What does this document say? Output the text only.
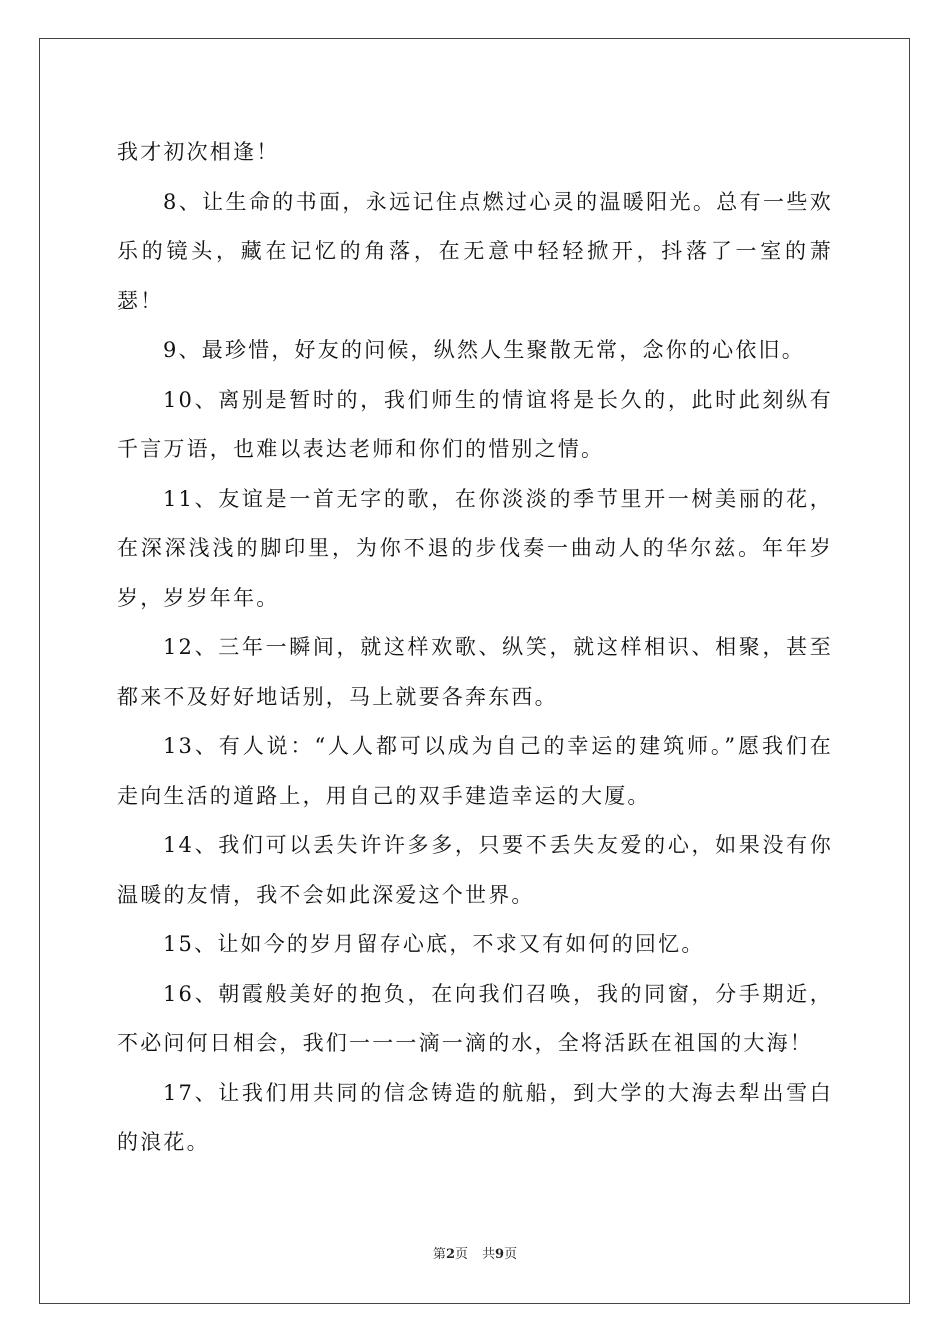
我才初次相逢！

8、让生命的书面，永远记住点燃过心灵的温暖阳光。总有一些欢乐的镜头，藏在记忆的角落，在无意中轻轻掀开，抖落了一室的萧瑟！

9、最珍惜，好友的问候，纵然人生聚散无常，念你的心依旧。

10、离别是暂时的，我们师生的情谊将是长久的，此时此刻纵有千言万语，也难以表达老师和你们的惜别之情。

11、友谊是一首无字的歌，在你淡淡的季节里开一树美丽的花，在深深浅浅的脚印里，为你不退的步伐奏一曲动人的华尔兹。年年岁岁，岁岁年年。

12、三年一瞬间，就这样欢歌、纵笑，就这样相识、相聚，甚至都来不及好好地话别，马上就要各奔东西。

13、有人说：“人人都可以成为自己的幸运的建筑师。”愿我们在走向生活的道路上，用自己的双手建造幸运的大厦。

14、我们可以丢失许许多多，只要不丢失友爱的心，如果没有你温暖的友情，我不会如此深爱这个世界。

15、让如今的岁月留存心底，不求又有如何的回忆。

16、朝霞般美好的抱负，在向我们召唤，我的同窗，分手期近，不必问何日相会，我们一一一滴一滴的水，全将活跃在祖国的大海！

17、让我们用共同的信念铸造的航船，到大学的大海去犁出雪白的浪花。

第2页 共9页
